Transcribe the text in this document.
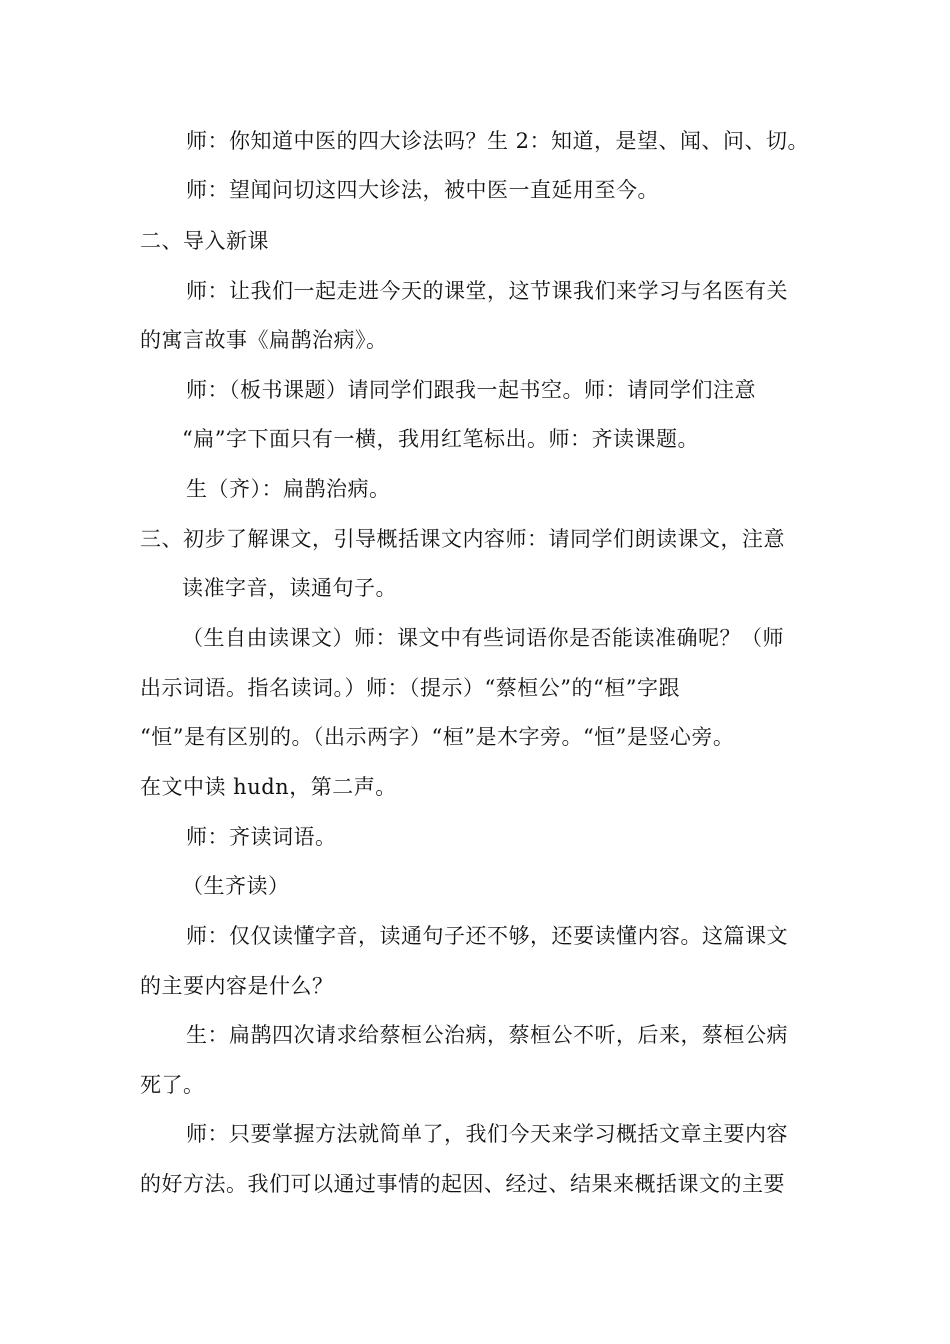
师：你知道中医的四大诊法吗？生 2：知道，是望、闻、问、切。

师：望闻问切这四大诊法，被中医一直延用至今。

二、导入新课

师：让我们一起走进今天的课堂，这节课我们来学习与名医有关

的寓言故事《扁鹊治病》。

师：（板书课题）请同学们跟我一起书空。师：请同学们注意

“扁”字下面只有一横，我用红笔标出。师：齐读课题。

生（齐）：扁鹊治病。

三、初步了解课文，引导概括课文内容师：请同学们朗读课文，注意

读准字音，读通句子。

（生自由读课文）师：课文中有些词语你是否能读准确呢？（师

出示词语。指名读词。）师：（提示）“蔡桓公”的“桓”字跟

“恒”是有区别的。（出示两字）“桓”是木字旁。“恒”是竖心旁。

在文中读 hudn，第二声。

师：齐读词语。

（生齐读）

师：仅仅读懂字音，读通句子还不够，还要读懂内容。这篇课文

的主要内容是什么？

生：扁鹊四次请求给蔡桓公治病，蔡桓公不听，后来，蔡桓公病

死了。

师：只要掌握方法就简单了，我们今天来学习概括文章主要内容

的好方法。我们可以通过事情的起因、经过、结果来概括课文的主要
